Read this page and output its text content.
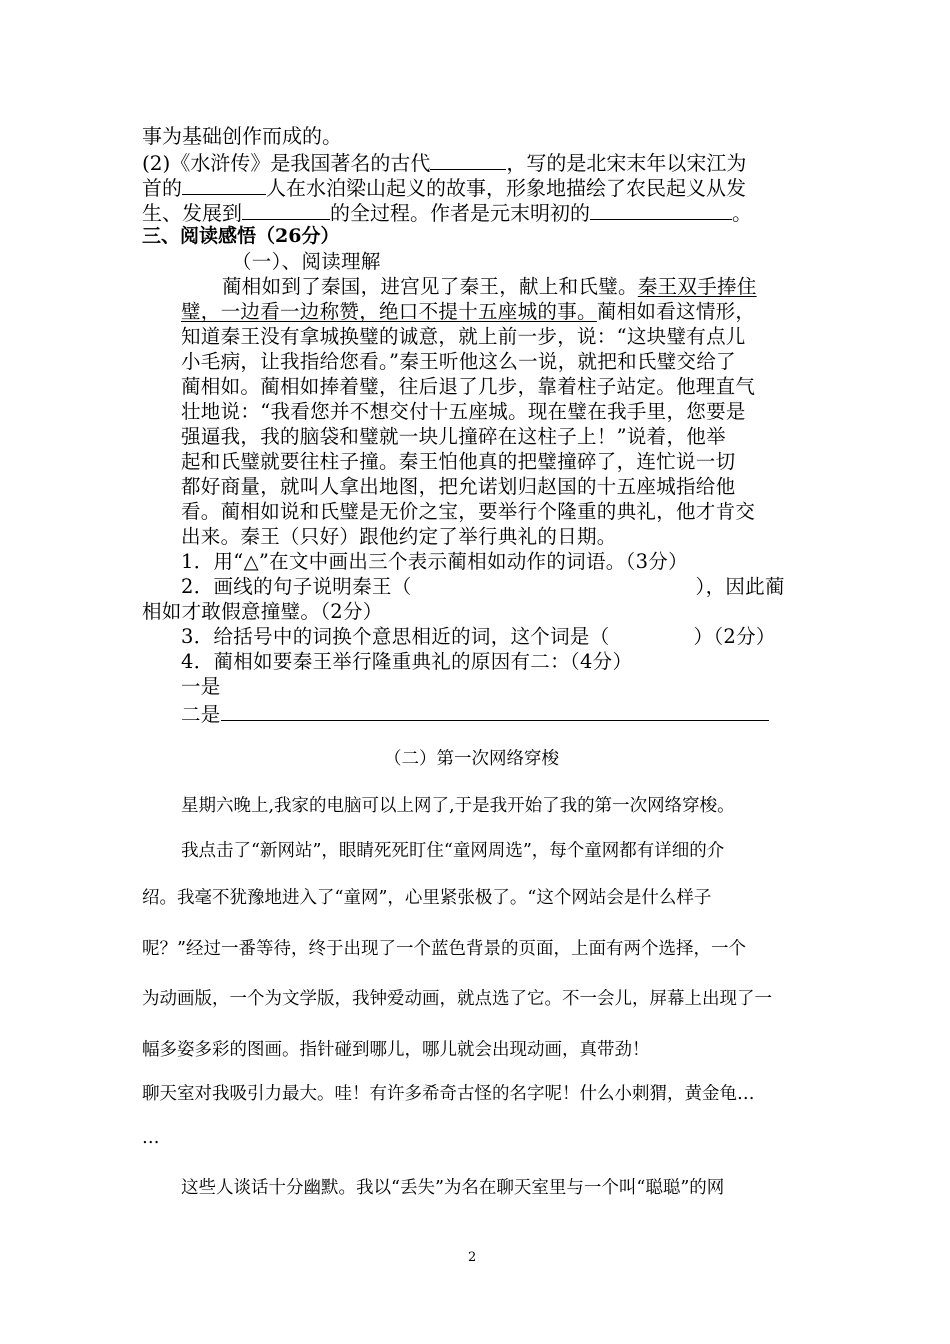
事为基础创作而成的。
(2)《水浒传》是我国著名的古代	，写的是北宋末年以宋江为
首的	人在水泊梁山起义的故事，形象地描绘了农民起义从发
生、发展到	的全过程。作者是元末明初的	。
三、阅读感悟（26分）
（一）、阅读理解
蔺相如到了秦国，进宫见了秦王，献上和氏璧。秦王双手捧住
璧，一边看一边称赞，绝口不提十五座城的事。蔺相如看这情形，
知道秦王没有拿城换璧的诚意，就上前一步，说：“这块璧有点儿
小毛病，让我指给您看。”秦王听他这么一说，就把和氏璧交给了
蔺相如。蔺相如捧着璧，往后退了几步，靠着柱子站定。他理直气
壮地说：“我看您并不想交付十五座城。现在璧在我手里，您要是
强逼我，我的脑袋和璧就一块儿撞碎在这柱子上！”说着，他举
起和氏璧就要往柱子撞。秦王怕他真的把璧撞碎了，连忙说一切
都好商量，就叫人拿出地图，把允诺划归赵国的十五座城指给他
看。蔺相如说和氏璧是无价之宝，要举行个隆重的典礼，他才肯交
出来。秦王（只好）跟他约定了举行典礼的日期。
1．用“△”在文中画出三个表示蔺相如动作的词语。（3分）
2．画线的句子说明秦王（	），因此蔺
相如才敢假意撞璧。（2分）
3．给括号中的词换个意思相近的词，这个词是（	）（2分）
4．蔺相如要秦王举行隆重典礼的原因有二：（4分）
一是
二是
（二）第一次网络穿梭
星期六晚上,我家的电脑可以上网了,于是我开始了我的第一次网络穿梭。
我点击了“新网站”，眼睛死死盯住“童网周选”，每个童网都有详细的介
绍。我毫不犹豫地进入了“童网”，心里紧张极了。“这个网站会是什么样子
呢？”经过一番等待，终于出现了一个蓝色背景的页面，上面有两个选择，一个
为动画版，一个为文学版，我钟爱动画，就点选了它。不一会儿，屏幕上出现了一
幅多姿多彩的图画。指针碰到哪儿，哪儿就会出现动画，真带劲！
聊天室对我吸引力最大。哇！有许多希奇古怪的名字呢！什么小刺猬，黄金龟…
…
这些人谈话十分幽默。我以“丢失”为名在聊天室里与一个叫“聪聪”的网
2
